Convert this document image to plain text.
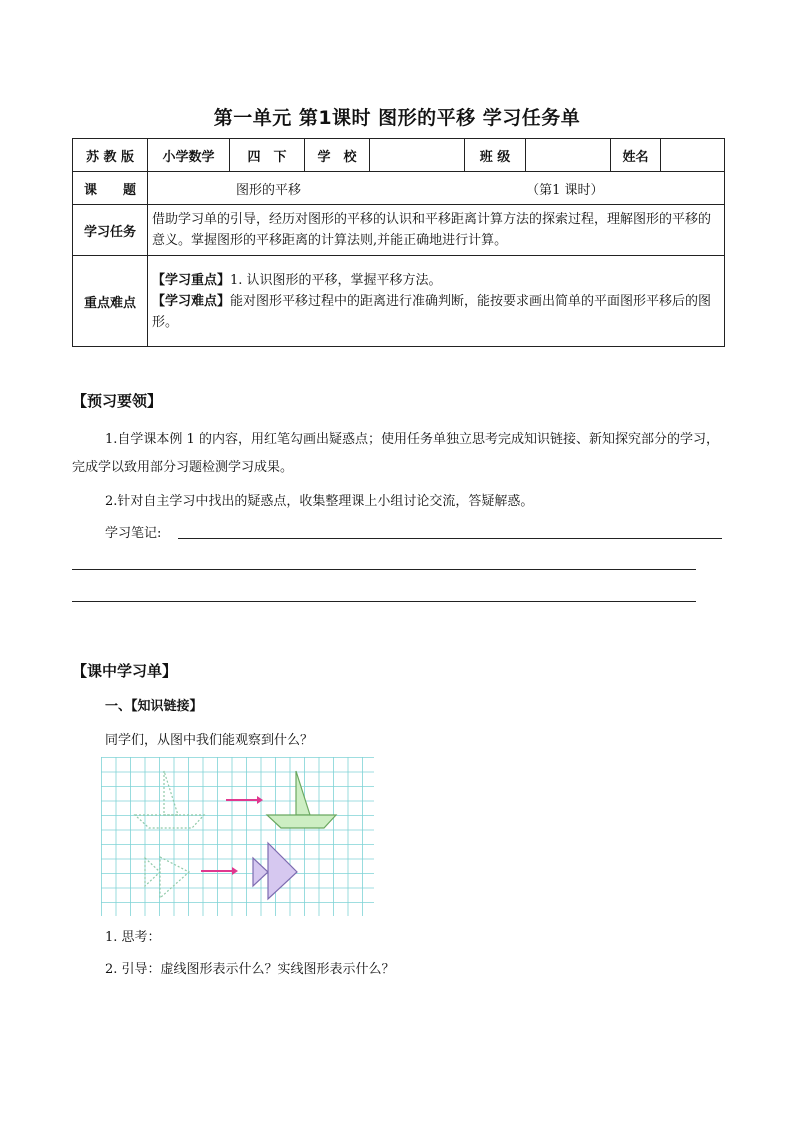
第一单元 第1课时 图形的平移 学习任务单
苏 教 版	小学数学	四　下	学　校		班 级		姓名	
课　　题	图形的平移 （第1 课时）							
学习任务	借助学习单的引导，经历对图形的平移的认识和平移距离计算方法的探索过程，理解图形的平移的意义。掌握图形的平移距离的计算法则,并能正确地进行计算。							
重点难点	【学习重点】1. 认识图形的平移，掌握平移方法。
【学习难点】能对图形平移过程中的距离进行准确判断，能按要求画出简单的平面图形平移后的图形。							
【预习要领】
1.自学课本例 1 的内容，用红笔勾画出疑惑点；使用任务单独立思考完成知识链接、新知探究部分的学习，完成学以致用部分习题检测学习成果。
2.针对自主学习中找出的疑惑点，收集整理课上小组讨论交流，答疑解惑。
学习笔记:
【课中学习单】
一、【知识链接】
同学们，从图中我们能观察到什么？
1. 思考：
2. 引导：虚线图形表示什么？实线图形表示什么？
